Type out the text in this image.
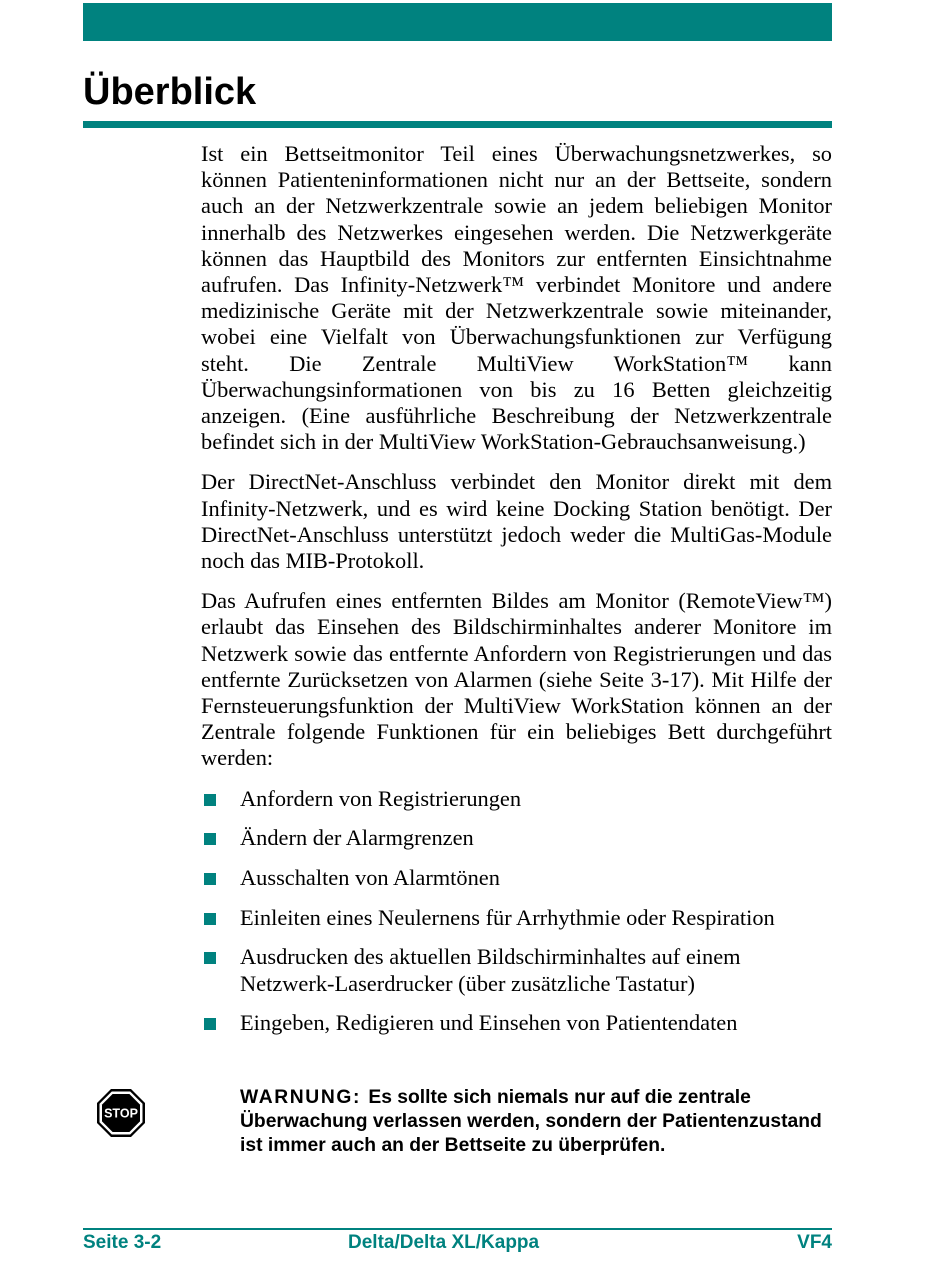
Überblick

Ist ein Bettseitmonitor Teil eines Überwachungsnetzwerkes, so können Patienteninformationen nicht nur an der Bettseite, sondern auch an der Netzwerkzentrale sowie an jedem beliebigen Monitor innerhalb des Netzwerkes eingesehen werden. Die Netzwerkgeräte können das Hauptbild des Monitors zur entfernten Einsichtnahme aufrufen. Das Infinity-Netzwerk™ verbindet Monitore und andere medizinische Geräte mit der Netzwerkzentrale sowie miteinander, wobei eine Vielfalt von Überwachungsfunktionen zur Verfügung steht. Die Zentrale MultiView WorkStation™ kann Überwachungsinformationen von bis zu 16 Betten gleichzeitig anzeigen. (Eine ausführliche Beschreibung der Netzwerkzentrale befindet sich in der MultiView WorkStation-Gebrauchsanweisung.)

Der DirectNet-Anschluss verbindet den Monitor direkt mit dem Infinity-Netzwerk, und es wird keine Docking Station benötigt. Der DirectNet-Anschluss unterstützt jedoch weder die MultiGas-Module noch das MIB-Protokoll.

Das Aufrufen eines entfernten Bildes am Monitor (RemoteView™) erlaubt das Einsehen des Bildschirminhaltes anderer Monitore im Netzwerk sowie das entfernte Anfordern von Registrierungen und das entfernte Zurücksetzen von Alarmen (siehe Seite 3-17). Mit Hilfe der Fernsteuerungsfunktion der MultiView WorkStation können an der Zentrale folgende Funktionen für ein beliebiges Bett durchgeführt werden:

Anfordern von Registrierungen
Ändern der Alarmgrenzen
Ausschalten von Alarmtönen
Einleiten eines Neulernens für Arrhythmie oder Respiration
Ausdrucken des aktuellen Bildschirminhaltes auf einem Netzwerk-Laserdrucker (über zusätzliche Tastatur)
Eingeben, Redigieren und Einsehen von Patientendaten
STOP
WARNUNG: Es sollte sich niemals nur auf die zentrale Überwachung verlassen werden, sondern der Patientenzustand ist immer auch an der Bettseite zu überprüfen.
Seite 3-2	Delta/Delta XL/Kappa	VF4
